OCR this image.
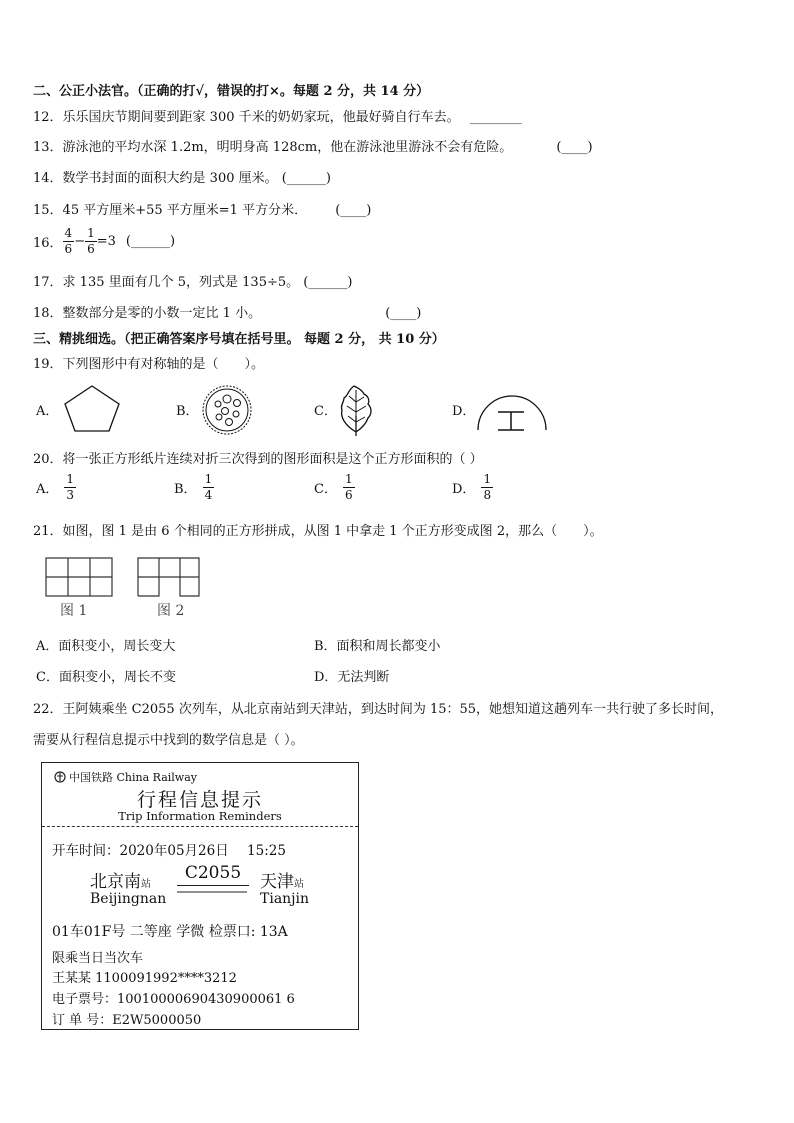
二、公正小法官。（正确的打√，错误的打×。每题 2 分，共 14 分）
12．乐乐国庆节期间要到距家 300 千米的奶奶家玩，他最好骑自行车去。 ________
13．游泳池的平均水深 1.2m，明明身高 128cm，他在游泳池里游泳不会有危险。	(____)
14．数学书封面的面积大约是 300 厘米。 (______)
15．45 平方厘米+55 平方厘米=1 平方分米． (____)
16． $\frac{4}{6} - \frac{1}{6} =3$ (______)
17．求 135 里面有几个 5，列式是 135÷5。 (______)
18．整数部分是零的小数一定比 1 小。	(____)
三、精挑细选。（把正确答案序号填在括号里。 每题 2 分， 共 10 分）
19．下列图形中有对称轴的是（　　）。
A．	B．	C．	D．
20．将一张正方形纸片连续对折三次得到的图形面积是这个正方形面积的（ ）
A． $\frac{1}{3}$	B． $\frac{1}{4}$	C． $\frac{1}{6}$	D． $\frac{1}{8}$
21．如图，图 1 是由 6 个相同的正方形拼成，从图 1 中拿走 1 个正方形变成图 2，那么（　　）。
图 1	图 2
A．面积变小，周长变大	B．面积和周长都变小
C．面积变小，周长不变	D．无法判断
22．王阿姨乘坐 C2055 次列车，从北京南站到天津站，到达时间为 15：55，她想知道这趟列车一共行驶了多长时间，
需要从行程信息提示中找到的数学信息是（ ）。
中国铁路 China Railway
行程信息提示
Trip Information Reminders
开车时间：2020年05月26日 15:25
北京南站
Beijingnan
C2055	天津站
Tianjin
01车01F号 二等座 学微 检票口: 13A
限乘当日当次车
王某某 1100091992****3212
电子票号：10010000690430900061 6
订 单 号：E2W5000050
